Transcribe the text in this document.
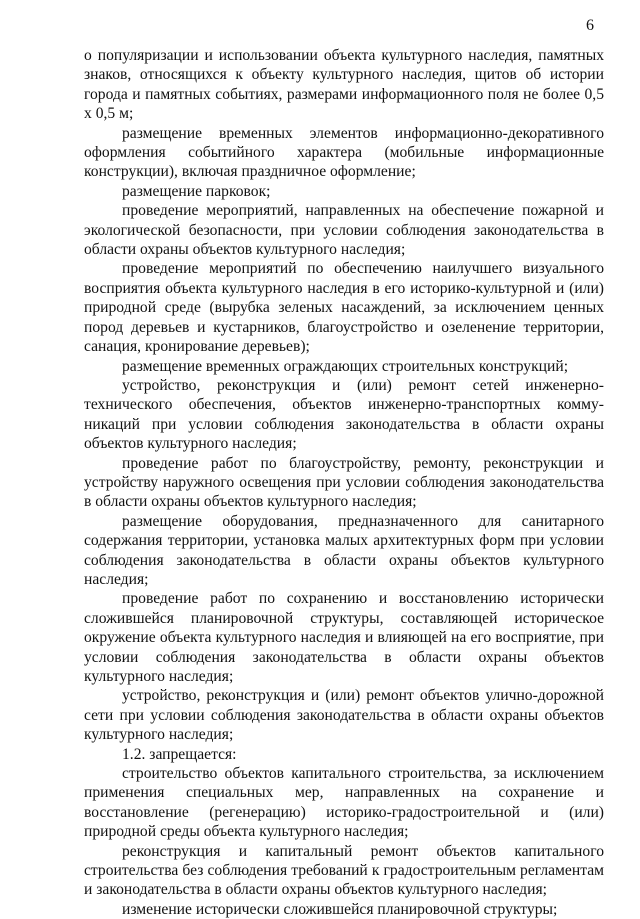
6

о популяризации и использовании объекта культурного наследия, памятных знаков, относящихся к объекту культурного наследия, щитов об истории города и памятных событиях, размерами информационного поля не более 0,5 х 0,5 м;

размещение временных элементов информационно-декоративного оформления событийного характера (мобильные информационные конструкции), включая праздничное оформление;

размещение парковок;

проведение мероприятий, направленных на обеспечение пожарной и экологической безопасности, при условии соблюдения законодательства в области охраны объектов культурного наследия;

проведение мероприятий по обеспечению наилучшего визуального восприятия объекта культурного наследия в его историко-культурной и (или) природной среде (вырубка зеленых насаждений, за исключением ценных пород деревьев и кустарников, благоустройство и озеленение территории, санация, кронирование деревьев);

размещение временных ограждающих строительных конструкций;

устройство, реконструкция и (или) ремонт сетей инженерно-технического обеспечения, объектов инженерно-транспортных коммуникаций при условии соблюдения законодательства в области охраны объектов культурного наследия;

проведение работ по благоустройству, ремонту, реконструкции и устройству наружного освещения при условии соблюдения законодательства в области охраны объектов культурного наследия;

размещение оборудования, предназначенного для санитарного содержания территории, установка малых архитектурных форм при условии соблюдения законодательства в области охраны объектов культурного наследия;

проведение работ по сохранению и восстановлению исторически сложившейся планировочной структуры, составляющей историческое окружение объекта культурного наследия и влияющей на его восприятие, при условии соблюдения законодательства в области охраны объектов культурного наследия;

устройство, реконструкция и (или) ремонт объектов улично-дорожной сети при условии соблюдения законодательства в области охраны объектов культурного наследия;

1.2. запрещается:

строительство объектов капитального строительства, за исключением применения специальных мер, направленных на сохранение и восстановление (регенерацию) историко-градостроительной и (или) природной среды объекта культурного наследия;

реконструкция и капитальный ремонт объектов капитального строительства без соблюдения требований к градостроительным регламентам и законодательства в области охраны объектов культурного наследия;

изменение исторически сложившейся планировочной структуры;
